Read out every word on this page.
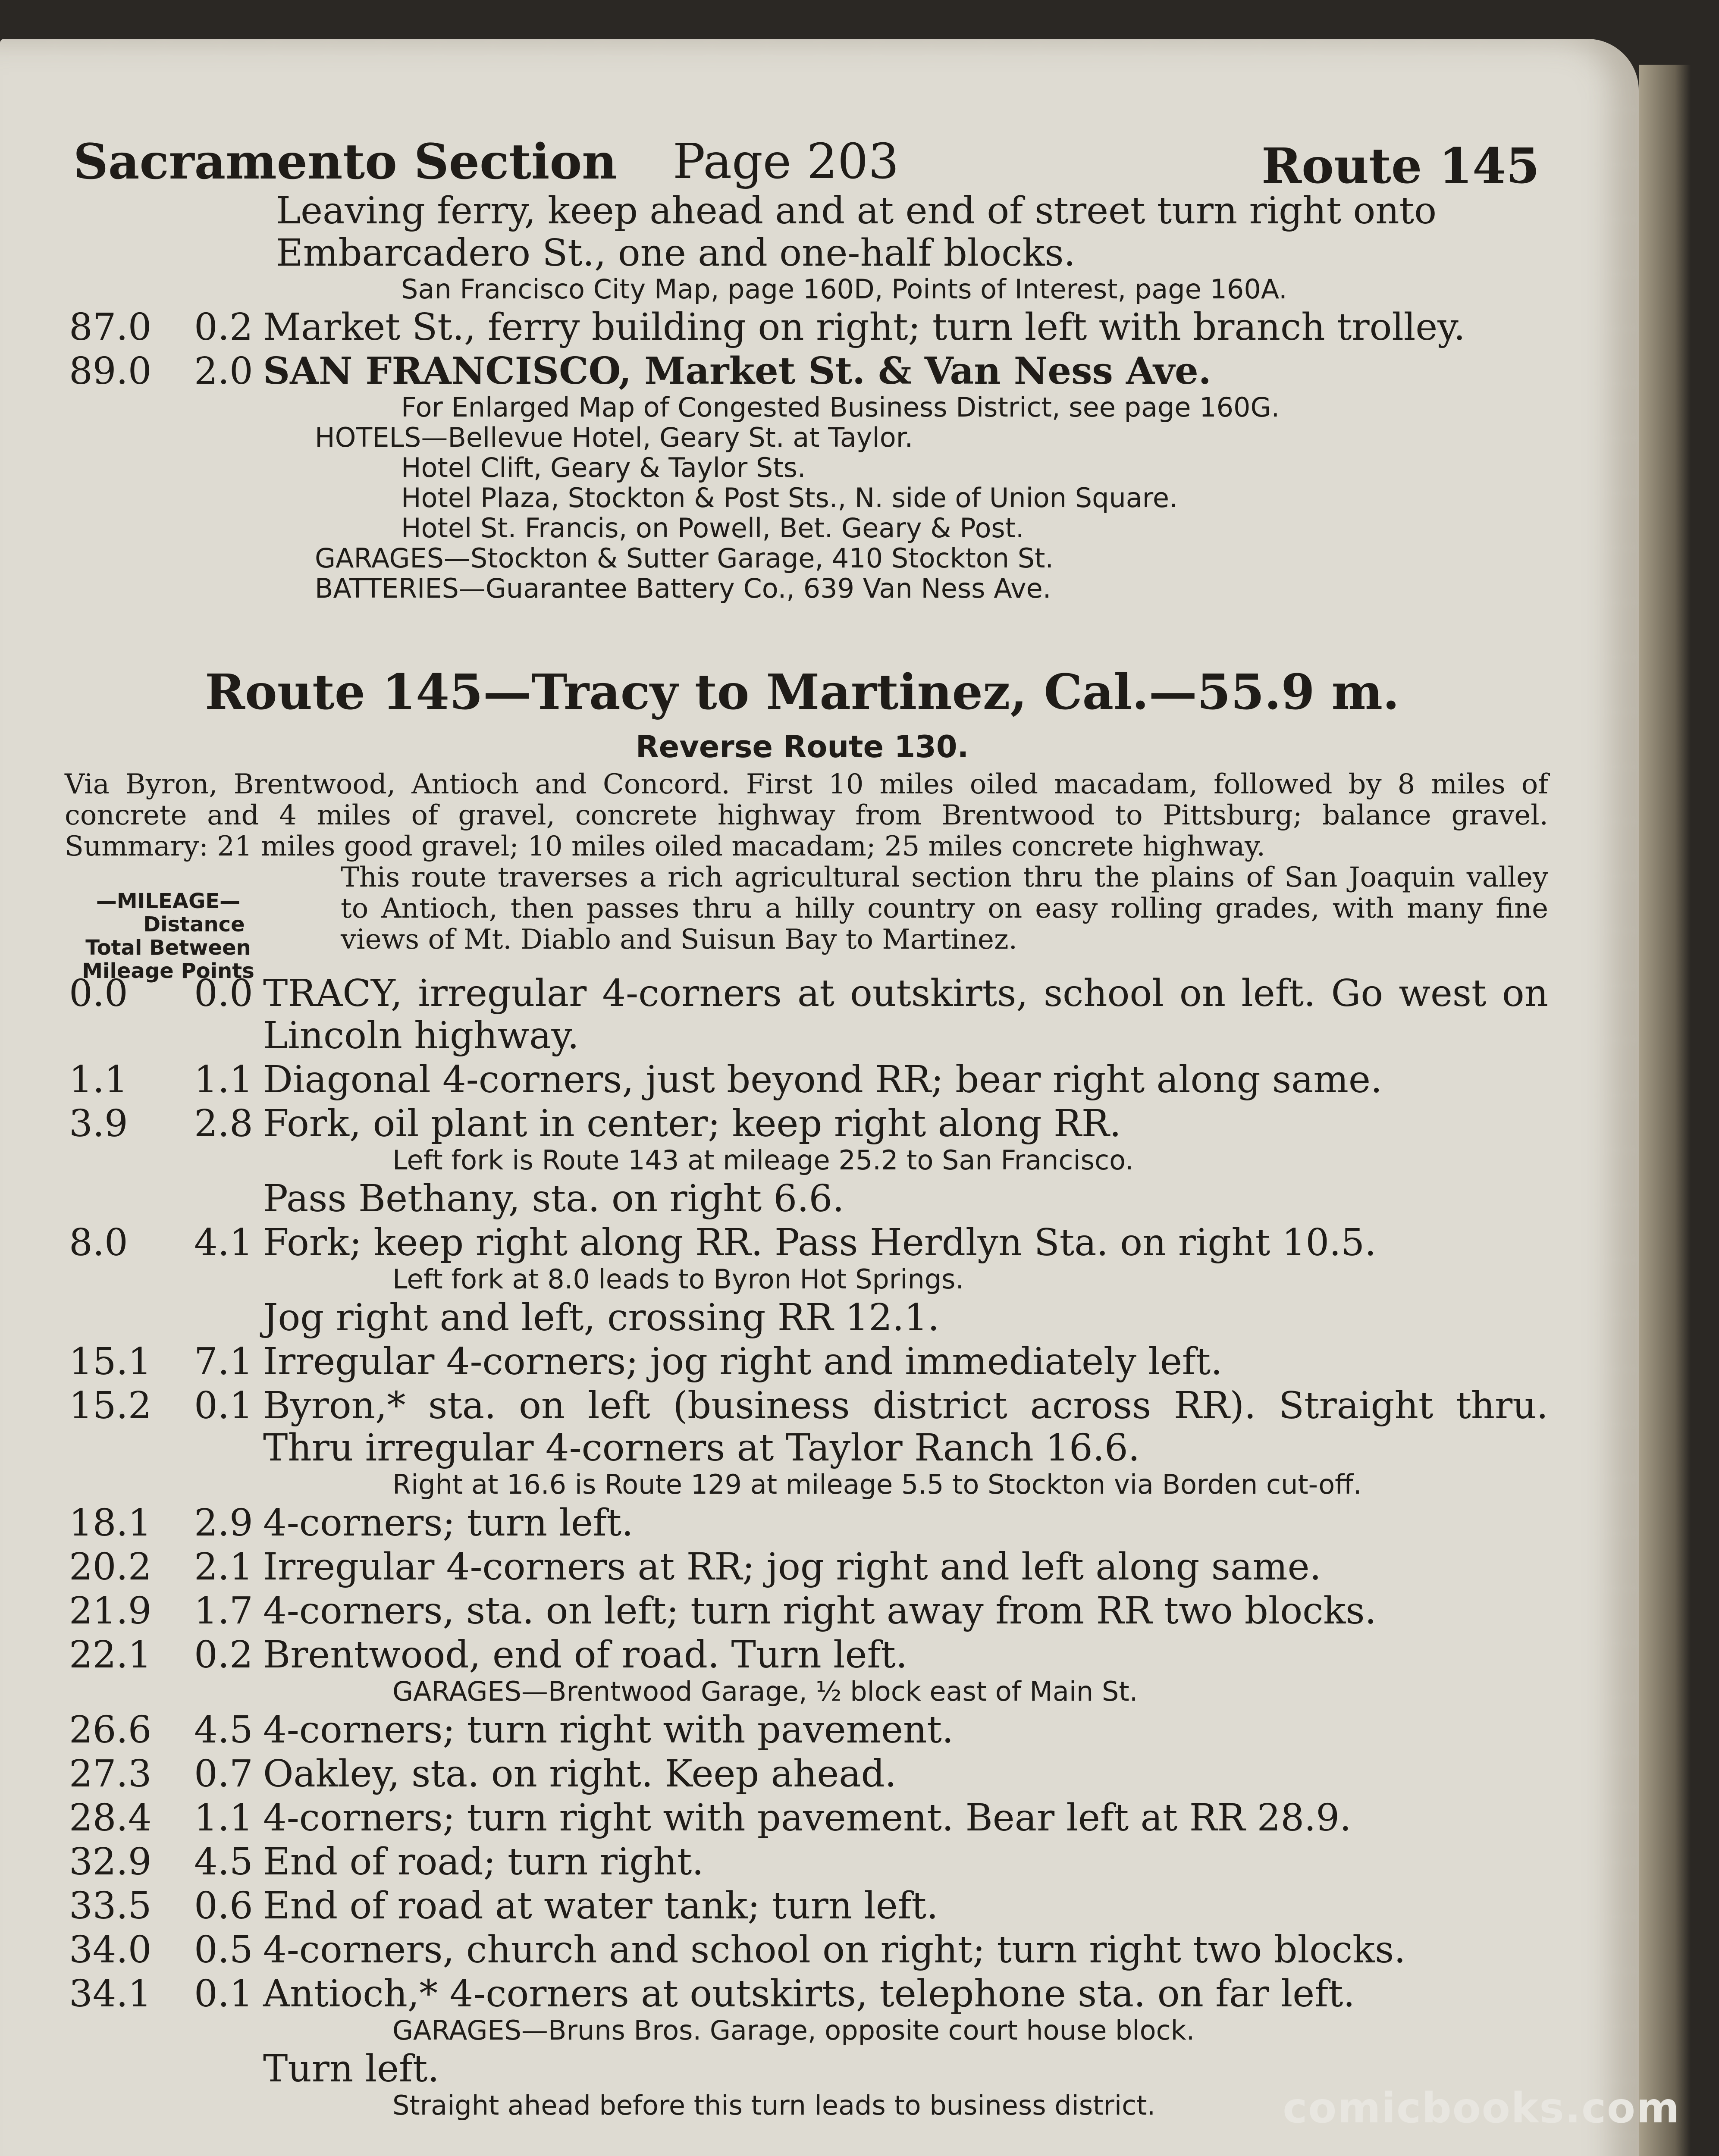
Sacramento Section Page 203	Route 145
Leaving ferry, keep ahead and at end of street turn right onto
Embarcadero St., one and one-half blocks.
San Francisco City Map, page 160D, Points of Interest, page 160A.
87.0 0.2 Market St., ferry building on right; turn left with branch trolley.
89.0 2.0 SAN FRANCISCO, Market St. & Van Ness Ave.
For Enlarged Map of Congested Business District, see page 160G.
HOTELS—Bellevue Hotel, Geary St. at Taylor.
Hotel Clift, Geary & Taylor Sts.
Hotel Plaza, Stockton & Post Sts., N. side of Union Square.
Hotel St. Francis, on Powell, Bet. Geary & Post.
GARAGES—Stockton & Sutter Garage, 410 Stockton St.
BATTERIES—Guarantee Battery Co., 639 Van Ness Ave.
Route 145—Tracy to Martinez, Cal.—55.9 m.
Reverse Route 130.
Via Byron, Brentwood, Antioch and Concord. First 10 miles oiled macadam, followed by 8 miles of concrete and 4 miles of gravel, concrete highway from Brentwood to Pittsburg; balance gravel. Summary: 21 miles good gravel; 10 miles oiled macadam; 25 miles concrete highway.
—MILEAGE—
Distance
Total Between
Mileage Points
This route traverses a rich agricultural section thru the plains of San Joaquin valley to Antioch, then passes thru a hilly country on easy rolling grades, with many fine views of Mt. Diablo and Suisun Bay to Martinez.
0.0 0.0 TRACY, irregular 4-corners at outskirts, school on left. Go west on Lincoln highway.
1.1 1.1 Diagonal 4-corners, just beyond RR; bear right along same.
3.9 2.8 Fork, oil plant in center; keep right along RR.
Left fork is Route 143 at mileage 25.2 to San Francisco.
Pass Bethany, sta. on right 6.6.
8.0 4.1 Fork; keep right along RR. Pass Herdlyn Sta. on right 10.5.
Left fork at 8.0 leads to Byron Hot Springs.
Jog right and left, crossing RR 12.1.
15.1 7.1 Irregular 4-corners; jog right and immediately left.
15.2 0.1 Byron,* sta. on left (business district across RR). Straight thru. Thru irregular 4-corners at Taylor Ranch 16.6.
Right at 16.6 is Route 129 at mileage 5.5 to Stockton via Borden cut-off.
18.1 2.9 4-corners; turn left.
20.2 2.1 Irregular 4-corners at RR; jog right and left along same.
21.9 1.7 4-corners, sta. on left; turn right away from RR two blocks.
22.1 0.2 Brentwood, end of road. Turn left.
GARAGES—Brentwood Garage, ½ block east of Main St.
26.6 4.5 4-corners; turn right with pavement.
27.3 0.7 Oakley, sta. on right. Keep ahead.
28.4 1.1 4-corners; turn right with pavement. Bear left at RR 28.9.
32.9 4.5 End of road; turn right.
33.5 0.6 End of road at water tank; turn left.
34.0 0.5 4-corners, church and school on right; turn right two blocks.
34.1 0.1 Antioch,* 4-corners at outskirts, telephone sta. on far left.
GARAGES—Bruns Bros. Garage, opposite court house block.
Turn left.
Straight ahead before this turn leads to business district.	comicbooks.com
